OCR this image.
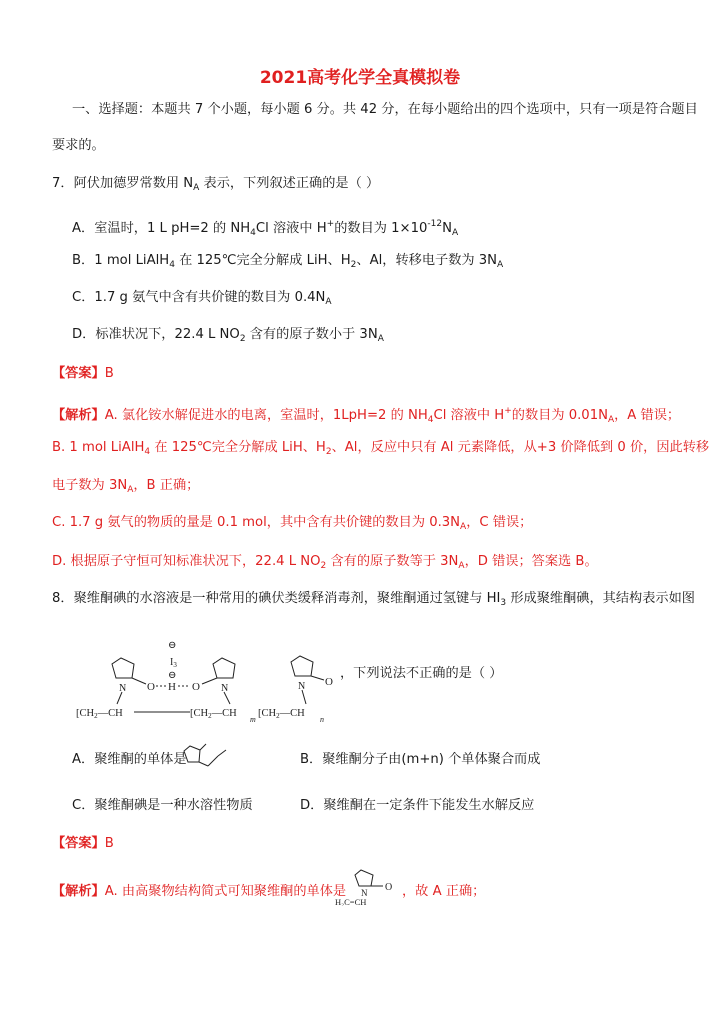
2021高考化学全真模拟卷
一、选择题：本题共 7 个小题，每小题 6 分。共 42 分，在每小题给出的四个选项中，只有一项是符合题目
要求的。
7．阿伏加德罗常数用 $N_A$ 表示，下列叙述正确的是（ ）
A．室温时，1 L pH=2 的 $NH_4Cl$ 溶液中 H+的数目为 $1\times 10^{-12}N_A$
B．1 mol LiAlH$_4$ 在 125℃完全分解成 LiH、$H_2$、Al，转移电子数为 $3N_A$
C．1.7 g 氨气中含有共价键的数目为 $0.4N_A$
D．标准状况下，22.4 L $NO_2$ 含有的原子数小于 $3N_A$
【答案】B
【解析】A. 氯化铵水解促进水的电离，室温时，1LpH=2 的 $NH_4Cl$ 溶液中 H+的数目为 $0.01N_A$，A 错误；
B. 1 mol LiAlH$_4$ 在 125℃完全分解成 LiH、$H_2$、Al，反应中只有 Al 元素降低，从+3 价降低到 0 价，因此转移
电子数为 $3N_A$，B 正确；
C. 1.7 g 氨气的物质的量是 0.1 mol，其中含有共价键的数目为 $0.3N_A$，C 错误；
D. 根据原子守恒可知标准状况下，22.4 L $NO_2$ 含有的原子数等于 $3N_A$，D 错误；答案选 B。
8．聚维酮碘的水溶液是一种常用的碘伏类缓释消毒剂，聚维酮通过氢键与 $HI_3$ 形成聚维酮碘，其结构表示如图
O
N	H
⊖
$I_3$
⊖
O N
O
N
[CH2—CH	[CH2—CH
m
[CH2—CH
n
，下列说法不正确的是（ ）
A．聚维酮的单体是	B．聚维酮分子由(m+n) 个单体聚合而成
C．聚维酮碘是一种水溶性物质	D．聚维酮在一定条件下能发生水解反应
【答案】B
【解析】A. 由高聚物结构简式可知聚维酮的单体是	O
N
H₂C=CH
，故 A 正确；
